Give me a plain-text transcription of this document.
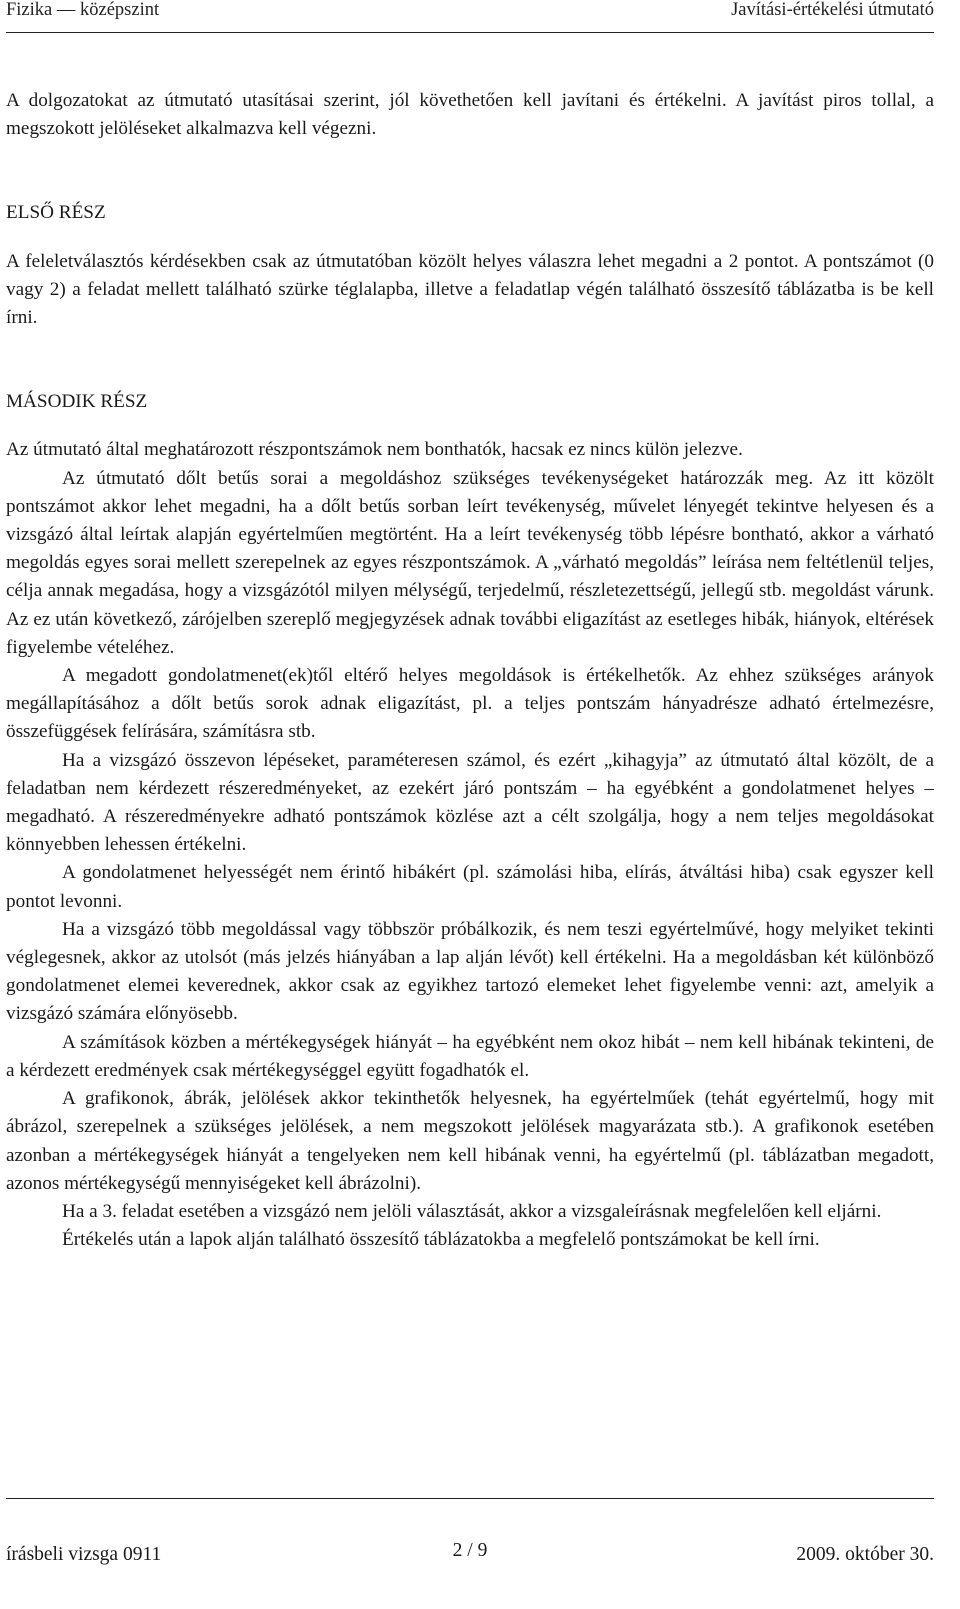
Fizika — középszint	Javítási-értékelési útmutató

A dolgozatokat az útmutató utasításai szerint, jól követhetően kell javítani és értékelni. A javítást piros tollal, a megszokott jelöléseket alkalmazva kell végezni.

ELSŐ RÉSZ

A feleletválasztós kérdésekben csak az útmutatóban közölt helyes válaszra lehet megadni a 2 pontot. A pontszámot (0 vagy 2) a feladat mellett található szürke téglalapba, illetve a feladatlap végén található összesítő táblázatba is be kell írni.

MÁSODIK RÉSZ

Az útmutató által meghatározott részpontszámok nem bonthatók, hacsak ez nincs külön jelezve.

Az útmutató dőlt betűs sorai a megoldáshoz szükséges tevékenységeket határozzák meg. Az itt közölt pontszámot akkor lehet megadni, ha a dőlt betűs sorban leírt tevékenység, művelet lényegét tekintve helyesen és a vizsgázó által leírtak alapján egyértelműen megtörtént. Ha a leírt tevékenység több lépésre bontható, akkor a várható megoldás egyes sorai mellett szerepelnek az egyes részpontszámok. A „várható megoldás” leírása nem feltétlenül teljes, célja annak megadása, hogy a vizsgázótól milyen mélységű, terjedelmű, részletezettségű, jellegű stb. megoldást várunk. Az ez után következő, zárójelben szereplő megjegyzések adnak további eligazítást az esetleges hibák, hiányok, eltérések figyelembe vételéhez.

A megadott gondolatmenet(ek)től eltérő helyes megoldások is értékelhetők. Az ehhez szükséges arányok megállapításához a dőlt betűs sorok adnak eligazítást, pl. a teljes pontszám hányadrésze adható értelmezésre, összefüggések felírására, számításra stb.

Ha a vizsgázó összevon lépéseket, paraméteresen számol, és ezért „kihagyja” az útmutató által közölt, de a feladatban nem kérdezett részeredményeket, az ezekért járó pontszám – ha egyébként a gondolatmenet helyes – megadható. A részeredményekre adható pontszámok közlése azt a célt szolgálja, hogy a nem teljes megoldásokat könnyebben lehessen értékelni.

A gondolatmenet helyességét nem érintő hibákért (pl. számolási hiba, elírás, átváltási hiba) csak egyszer kell pontot levonni.

Ha a vizsgázó több megoldással vagy többször próbálkozik, és nem teszi egyértelművé, hogy melyiket tekinti véglegesnek, akkor az utolsót (más jelzés hiányában a lap alján lévőt) kell értékelni. Ha a megoldásban két különböző gondolatmenet elemei keverednek, akkor csak az egyikhez tartozó elemeket lehet figyelembe venni: azt, amelyik a vizsgázó számára előnyösebb.

A számítások közben a mértékegységek hiányát – ha egyébként nem okoz hibát – nem kell hibának tekinteni, de a kérdezett eredmények csak mértékegységgel együtt fogadhatók el.

A grafikonok, ábrák, jelölések akkor tekinthetők helyesnek, ha egyértelműek (tehát egyértelmű, hogy mit ábrázol, szerepelnek a szükséges jelölések, a nem megszokott jelölések magyarázata stb.). A grafikonok esetében azonban a mértékegységek hiányát a tengelyeken nem kell hibának venni, ha egyértelmű (pl. táblázatban megadott, azonos mértékegységű mennyiségeket kell ábrázolni).

Ha a 3. feladat esetében a vizsgázó nem jelöli választását, akkor a vizsgaleírásnak megfelelően kell eljárni.

Értékelés után a lapok alján található összesítő táblázatokba a megfelelő pontszámokat be kell írni.

írásbeli vizsga 0911	2 / 9	2009. október 30.
